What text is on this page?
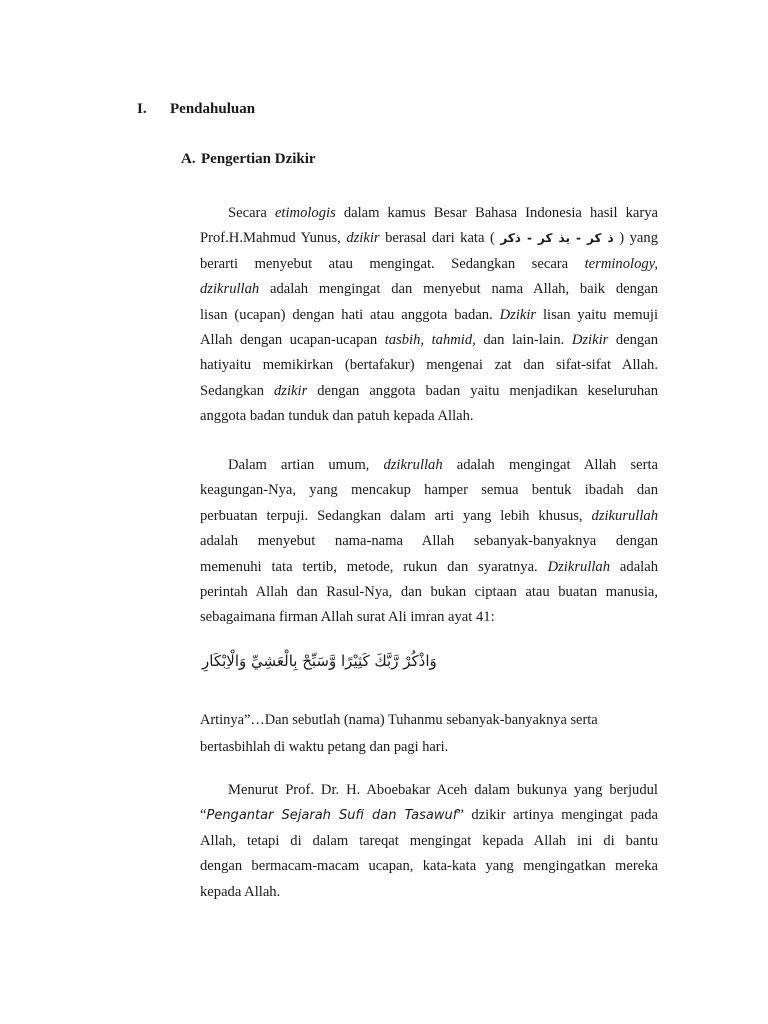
I. Pendahuluan
A. Pengertian Dzikir
Secara etimologis dalam kamus Besar Bahasa Indonesia hasil karya
Prof.H.Mahmud Yunus, dzikir berasal dari kata ( ذ كر - يذ كر - ذكر ) yang
berarti menyebut atau mengingat. Sedangkan secara terminology,
dzikrullah adalah mengingat dan menyebut nama Allah, baik dengan
lisan (ucapan) dengan hati atau anggota badan. Dzikir lisan yaitu memuji
Allah dengan ucapan-ucapan tasbih, tahmid, dan lain-lain. Dzikir dengan
hatiyaitu memikirkan (bertafakur) mengenai zat dan sifat-sifat Allah.
Sedangkan dzikir dengan anggota badan yaitu menjadikan keseluruhan
anggota badan tunduk dan patuh kepada Allah.
Dalam artian umum, dzikrullah adalah mengingat Allah serta
keagungan-Nya, yang mencakup hamper semua bentuk ibadah dan
perbuatan terpuji. Sedangkan dalam arti yang lebih khusus, dzikurullah
adalah menyebut nama-nama Allah sebanyak-banyaknya dengan
memenuhi tata tertib, metode, rukun dan syaratnya. Dzikrullah adalah
perintah Allah dan Rasul-Nya, dan bukan ciptaan atau buatan manusia,
sebagaimana firman Allah surat Ali imran ayat 41:
وَاذْكُرْ رَّبَّكَ كَثِيْرًا وَّسَبِّحْ بِالْعَشِيِّ وَالْاِبْكَارِ
Artinya”…Dan sebutlah (nama) Tuhanmu sebanyak-banyaknya serta
bertasbihlah di waktu petang dan pagi hari.
Menurut Prof. Dr. H. Aboebakar Aceh dalam bukunya yang berjudul
“Pengantar Sejarah Sufi dan Tasawuf” dzikir artinya mengingat pada
Allah, tetapi di dalam tareqat mengingat kepada Allah ini di bantu
dengan bermacam-macam ucapan, kata-kata yang mengingatkan mereka
kepada Allah.
